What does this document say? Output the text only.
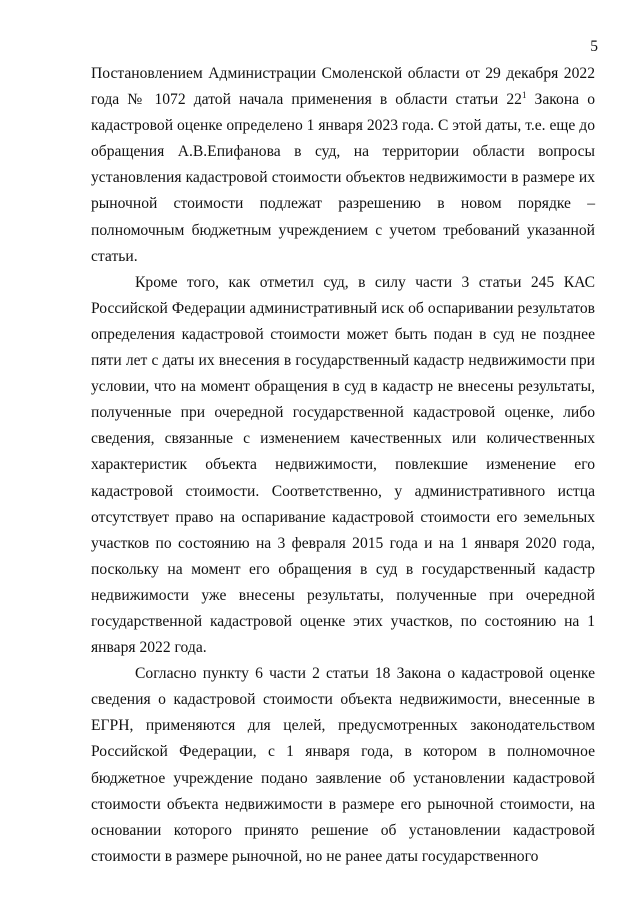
5

Постановлением Администрации Смоленской области от 29 декабря 2022 года № 1072 датой начала применения в области статьи $22^1$ Закона о кадастровой оценке определено 1 января 2023 года. С этой даты, т.е. еще до обращения А.В.Епифанова в суд, на территории области вопросы установления кадастровой стоимости объектов недвижимости в размере их рыночной стоимости подлежат разрешению в новом порядке – полномочным бюджетным учреждением с учетом требований указанной статьи.

Кроме того, как отметил суд, в силу части 3 статьи 245 КАС Российской Федерации административный иск об оспаривании результатов определения кадастровой стоимости может быть подан в суд не позднее пяти лет с даты их внесения в государственный кадастр недвижимости при условии, что на момент обращения в суд в кадастр не внесены результаты, полученные при очередной государственной кадастровой оценке, либо сведения, связанные с изменением качественных или количественных характеристик объекта недвижимости, повлекшие изменение его кадастровой стоимости. Соответственно, у административного истца отсутствует право на оспаривание кадастровой стоимости его земельных участков по состоянию на 3 февраля 2015 года и на 1 января 2020 года, поскольку на момент его обращения в суд в государственный кадастр недвижимости уже внесены результаты, полученные при очередной государственной кадастровой оценке этих участков, по состоянию на 1 января 2022 года.

Согласно пункту 6 части 2 статьи 18 Закона о кадастровой оценке сведения о кадастровой стоимости объекта недвижимости, внесенные в ЕГРН, применяются для целей, предусмотренных законодательством Российской Федерации, с 1 января года, в котором в полномочное бюджетное учреждение подано заявление об установлении кадастровой стоимости объекта недвижимости в размере его рыночной стоимости, на основании которого принято решение об установлении кадастровой стоимости в размере рыночной, но не ранее даты государственного
